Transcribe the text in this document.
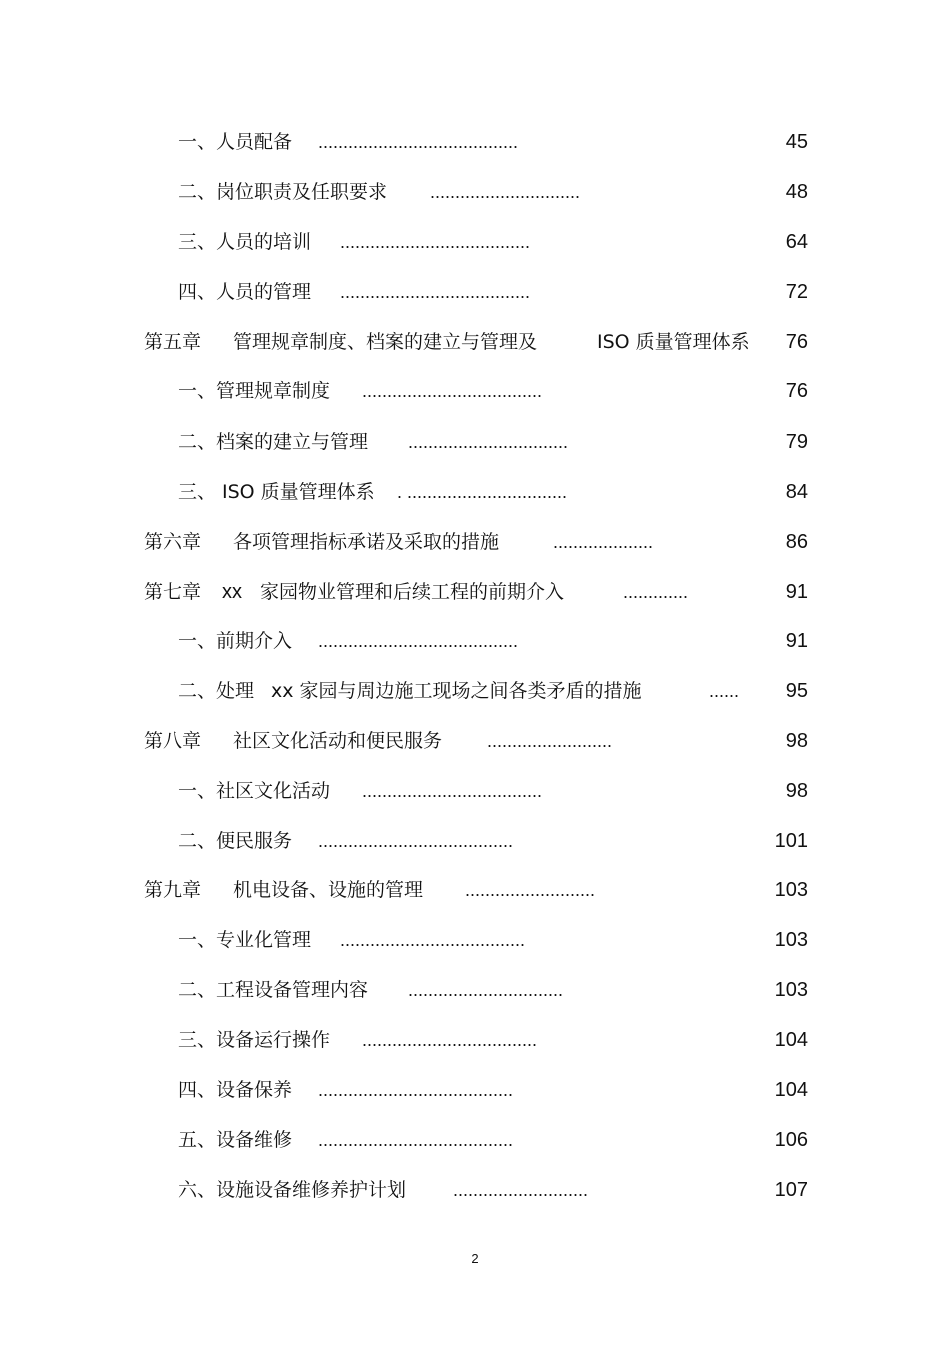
一、人员配备 ........................................	45
二、岗位职责及任职要求 ..............................	48
三、人员的培训 ......................................	64
四、人员的管理 ......................................	72
第五章 管理规章制度、档案的建立与管理及	ISO 质量管理体系 76
一、管理规章制度 ....................................	76
二、档案的建立与管理 ................................	79
三、 ISO 质量管理体系 . ................................	84
第六章 各项管理指标承诺及采取的措施	....................	86
第七章 xx 家园物业管理和后续工程的前期介入	.............	91
一、前期介入 ........................................	91
二、处理 xx 家园与周边施工现场之间各类矛盾的措施	...... 95
第八章 社区文化活动和便民服务 .........................	98
一、社区文化活动 ....................................	98
二、便民服务 .......................................	101
第九章 机电设备、设施的管理 ..........................	103
一、专业化管理 .....................................	103
二、工程设备管理内容 ...............................	103
三、设备运行操作 ...................................	104
四、设备保养 .......................................	104
五、设备维修 .......................................	106
六、设施设备维修养护计划	...........................	107
2
